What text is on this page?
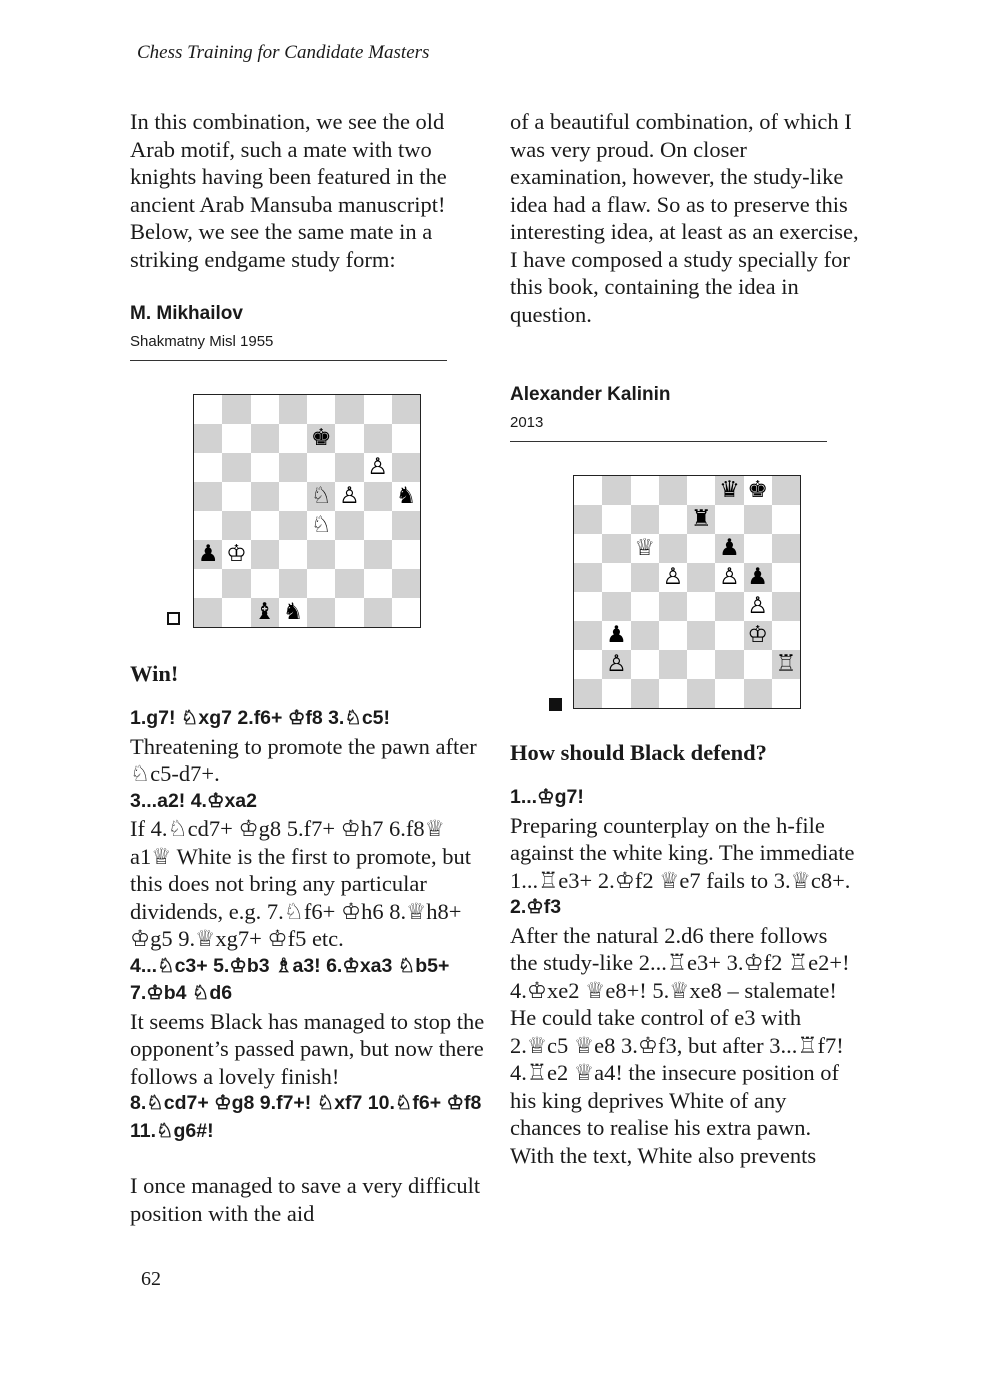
Chess Training for Candidate Masters

In this combination, we see the old Arab motif, such a mate with two knights having been featured in the ancient Arab Mansuba manuscript! Below, we see the same mate in a striking endgame study form:

M. Mikhailov

Shakmatny Misl 1955

♚
♙
♘ ♙ ♞
♘
♟ ♔
♝ ♞

Win!

1.g7! ♘xg7 2.f6+ ♔f8 3.♘c5!

Threatening to promote the pawn after ♘c5-d7+.

3...a2! 4.♔xa2

If 4.♘cd7+ ♔g8 5.f7+ ♔h7 6.f8♕ a1♕ White is the first to promote, but this does not bring any particular dividends, e.g. 7.♘f6+ ♔h6 8.♕h8+ ♔g5 9.♕xg7+ ♔f5 etc.

4...♘c3+ 5.♔b3 ♗a3! 6.♔xa3 ♘b5+ 7.♔b4 ♘d6

It seems Black has managed to stop the opponent’s passed pawn, but now there follows a lovely finish!

8.♘cd7+ ♔g8 9.f7+! ♘xf7 10.♘f6+ ♔f8 11.♘g6#!

I once managed to save a very difficult position with the aid

of a beautiful combination, of which I was very proud. On closer examination, however, the study-like idea had a flaw. So as to preserve this interesting idea, at least as an exercise, I have composed a study specially for this book, containing the idea in question.

Alexander Kalinin

2013

♛ ♚
♜
♕	♟
♙ ♙ ♟
♙
♟	♔
♙	♖

How should Black defend?

1...♔g7!

Preparing counterplay on the h-file against the white king. The immediate 1...♖e3+ 2.♔f2 ♕e7 fails to 3.♕c8+.

2.♔f3

After the natural 2.d6 there follows the study-like 2...♖e3+ 3.♔f2 ♖e2+! 4.♔xe2 ♕e8+! 5.♕xe8 – stalemate! He could take control of e3 with 2.♕c5 ♕e8 3.♔f3, but after 3...♖f7! 4.♖e2 ♕a4! the insecure position of his king deprives White of any chances to realise his extra pawn. With the text, White also prevents

62
